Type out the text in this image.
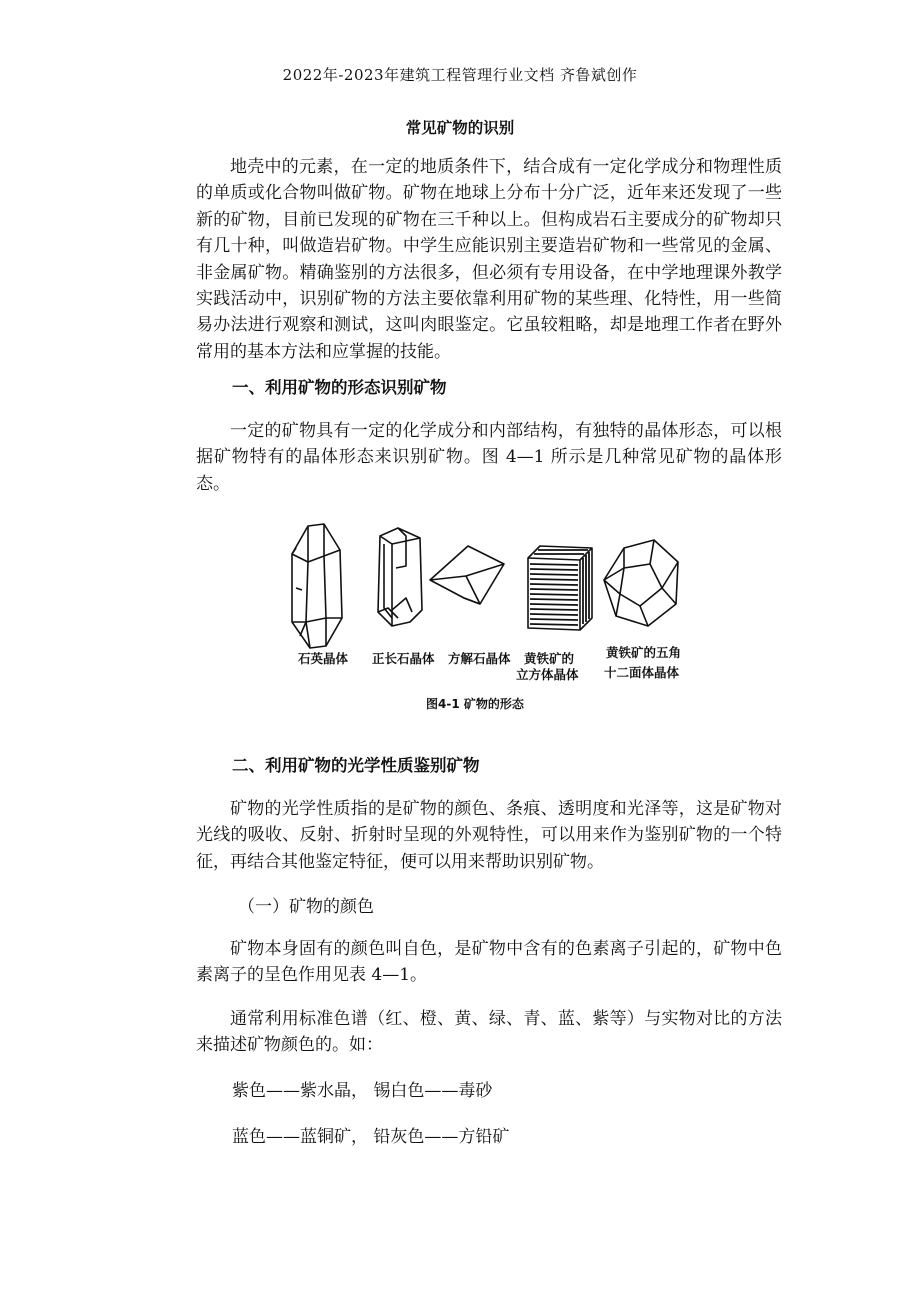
2022年-2023年建筑工程管理行业文档 齐鲁斌创作
常见矿物的识别

地壳中的元素，在一定的地质条件下，结合成有一定化学成分和物理性质的单质或化合物叫做矿物。矿物在地球上分布十分广泛，近年来还发现了一些新的矿物，目前已发现的矿物在三千种以上。但构成岩石主要成分的矿物却只有几十种，叫做造岩矿物。中学生应能识别主要造岩矿物和一些常见的金属、非金属矿物。精确鉴别的方法很多，但必须有专用设备，在中学地理课外教学实践活动中，识别矿物的方法主要依靠利用矿物的某些理、化特性，用一些简易办法进行观察和测试，这叫肉眼鉴定。它虽较粗略，却是地理工作者在野外常用的基本方法和应掌握的技能。

一、利用矿物的形态识别矿物

一定的矿物具有一定的化学成分和内部结构，有独特的晶体形态，可以根据矿物特有的晶体形态来识别矿物。图 4—1 所示是几种常见矿物的晶体形态。

石英晶体 正长石晶体 方解石晶体 黄铁矿的
立方体晶体
黄铁矿的五角
十二面体晶体
图4-1 矿物的形态

二、利用矿物的光学性质鉴别矿物

矿物的光学性质指的是矿物的颜色、条痕、透明度和光泽等，这是矿物对光线的吸收、反射、折射时呈现的外观特性，可以用来作为鉴别矿物的一个特征，再结合其他鉴定特征，便可以用来帮助识别矿物。

（一）矿物的颜色

矿物本身固有的颜色叫自色，是矿物中含有的色素离子引起的，矿物中色素离子的呈色作用见表 4—1。

通常利用标准色谱（红、橙、黄、绿、青、蓝、紫等）与实物对比的方法来描述矿物颜色的。如：

紫色——紫水晶， 锡白色——毒砂

蓝色——蓝铜矿， 铅灰色——方铅矿
